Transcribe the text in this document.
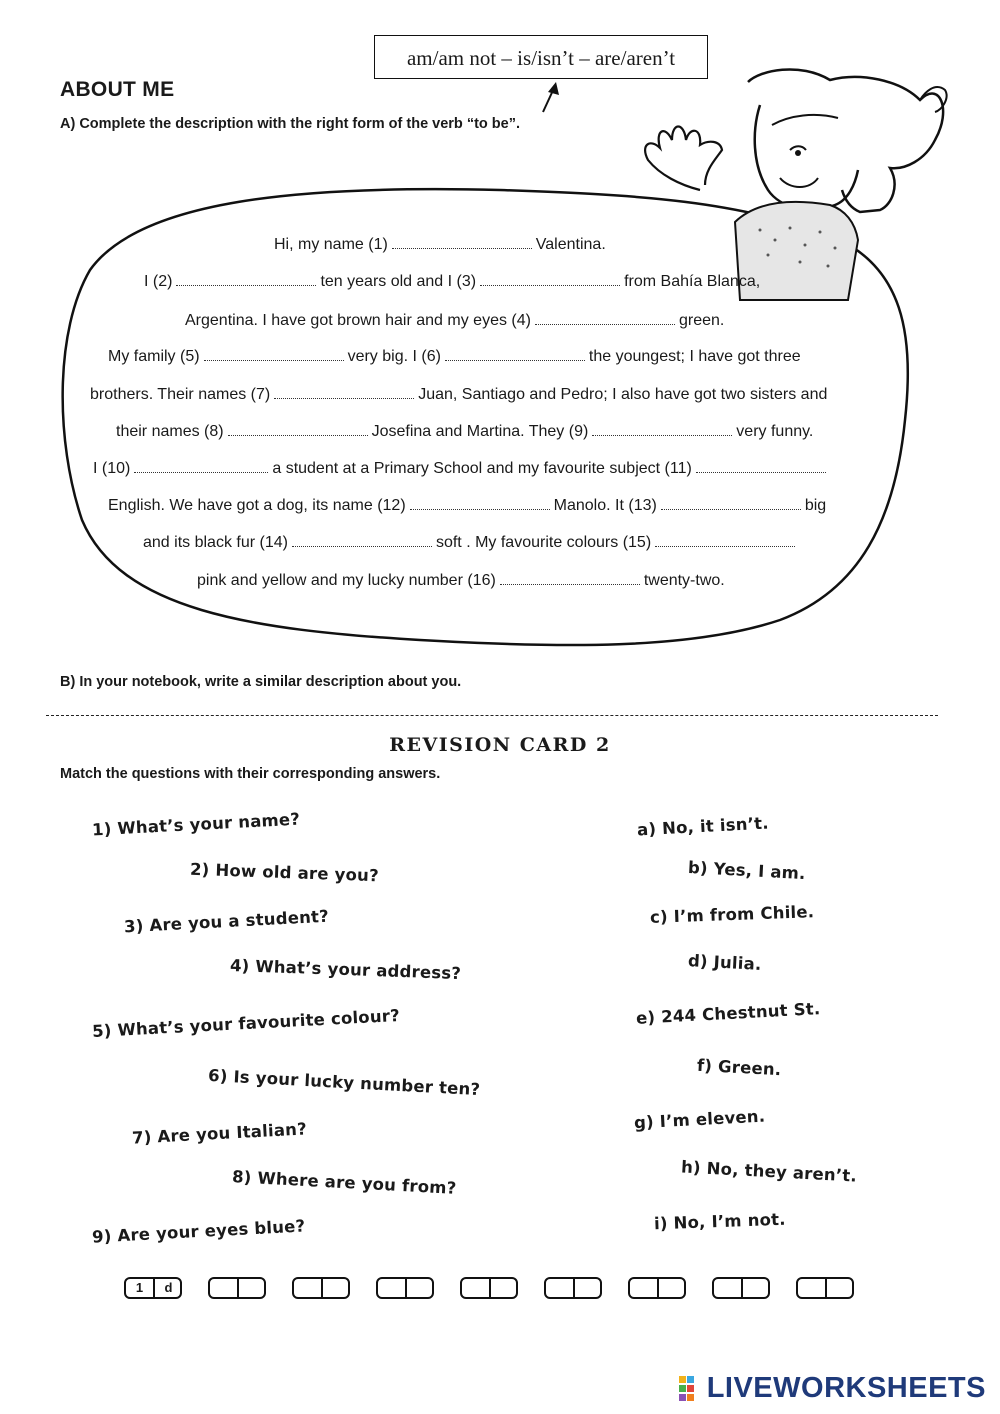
am/am not – is/isn’t – are/aren’t
ABOUT ME
A) Complete the description with the right form of the verb “to be”.
Hi, my name (1)	Valentina.
I (2)	ten years old and I (3)	from Bahía Blanca,
Argentina. I have got brown hair and my eyes (4)	green.
My family (5)	very big. I (6)	the youngest; I have got three
brothers. Their names (7)	Juan, Santiago and Pedro; I also have got two sisters and
their names (8)	Josefina and Martina. They (9)	very funny.
I (10)	a student at a Primary School and my favourite subject (11)
English. We have got a dog, its name (12)	Manolo. It (13)	big
and its black fur (14)	soft . My favourite colours (15)
pink and yellow and my lucky number (16)	twenty-two.
B) In your notebook, write a similar description about you.
REVISION CARD 2
Match the questions with their corresponding answers.
1) What’s your name?
2) How old are you?
3) Are you a student?
4) What’s your address?
5) What’s your favourite colour?
6) Is your lucky number ten?
7) Are you Italian?
8) Where are you from?
9) Are your eyes blue?
a) No, it isn’t.
b) Yes, I am.
c) I’m from Chile.
d) Julia.
e) 244 Chestnut St.
f) Green.
g) I’m eleven.
h) No, they aren’t.
i) No, I’m not.
1	d
LIVEWORKSHEETS
